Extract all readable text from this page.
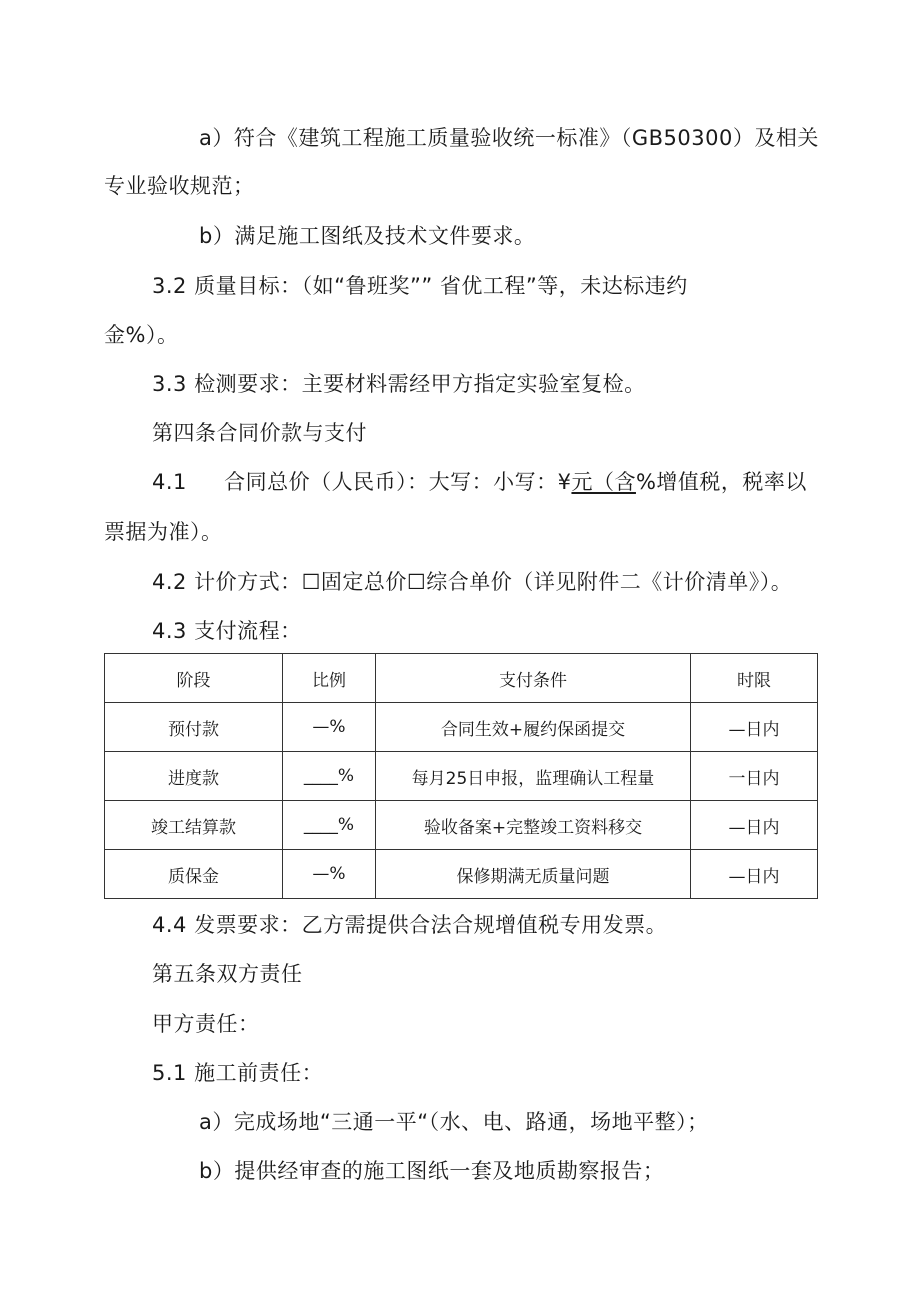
a）符合《建筑工程施工质量验收统一标准》（GB50300）及相关
专业验收规范；
b）满足施工图纸及技术文件要求。
3.2 质量目标：（如“鲁班奖”” 省优工程”等，未达标违约
金%）。
3.3 检测要求：主要材料需经甲方指定实验室复检。
第四条合同价款与支付
4.1 合同总价（人民币）：大写：小写：¥元（含%增值税，税率以
票据为准）。
4.2 计价方式：☐固定总价☐综合单价（详见附件二《计价清单》）。
4.3 支付流程：
阶段	比例	支付条件	时限
预付款	—%	合同生效+履约保函提交	—日内
进度款	____%	每月25日申报，监理确认工程量	一日内
竣工结算款	____%	验收备案+完整竣工资料移交	—日内
质保金	—%	保修期满无质量问题	—日内
4.4 发票要求：乙方需提供合法合规增值税专用发票。
第五条双方责任
甲方责任：
5.1 施工前责任：
a）完成场地“三通一平“（水、电、路通，场地平整）；
b）提供经审查的施工图纸一套及地质勘察报告；
